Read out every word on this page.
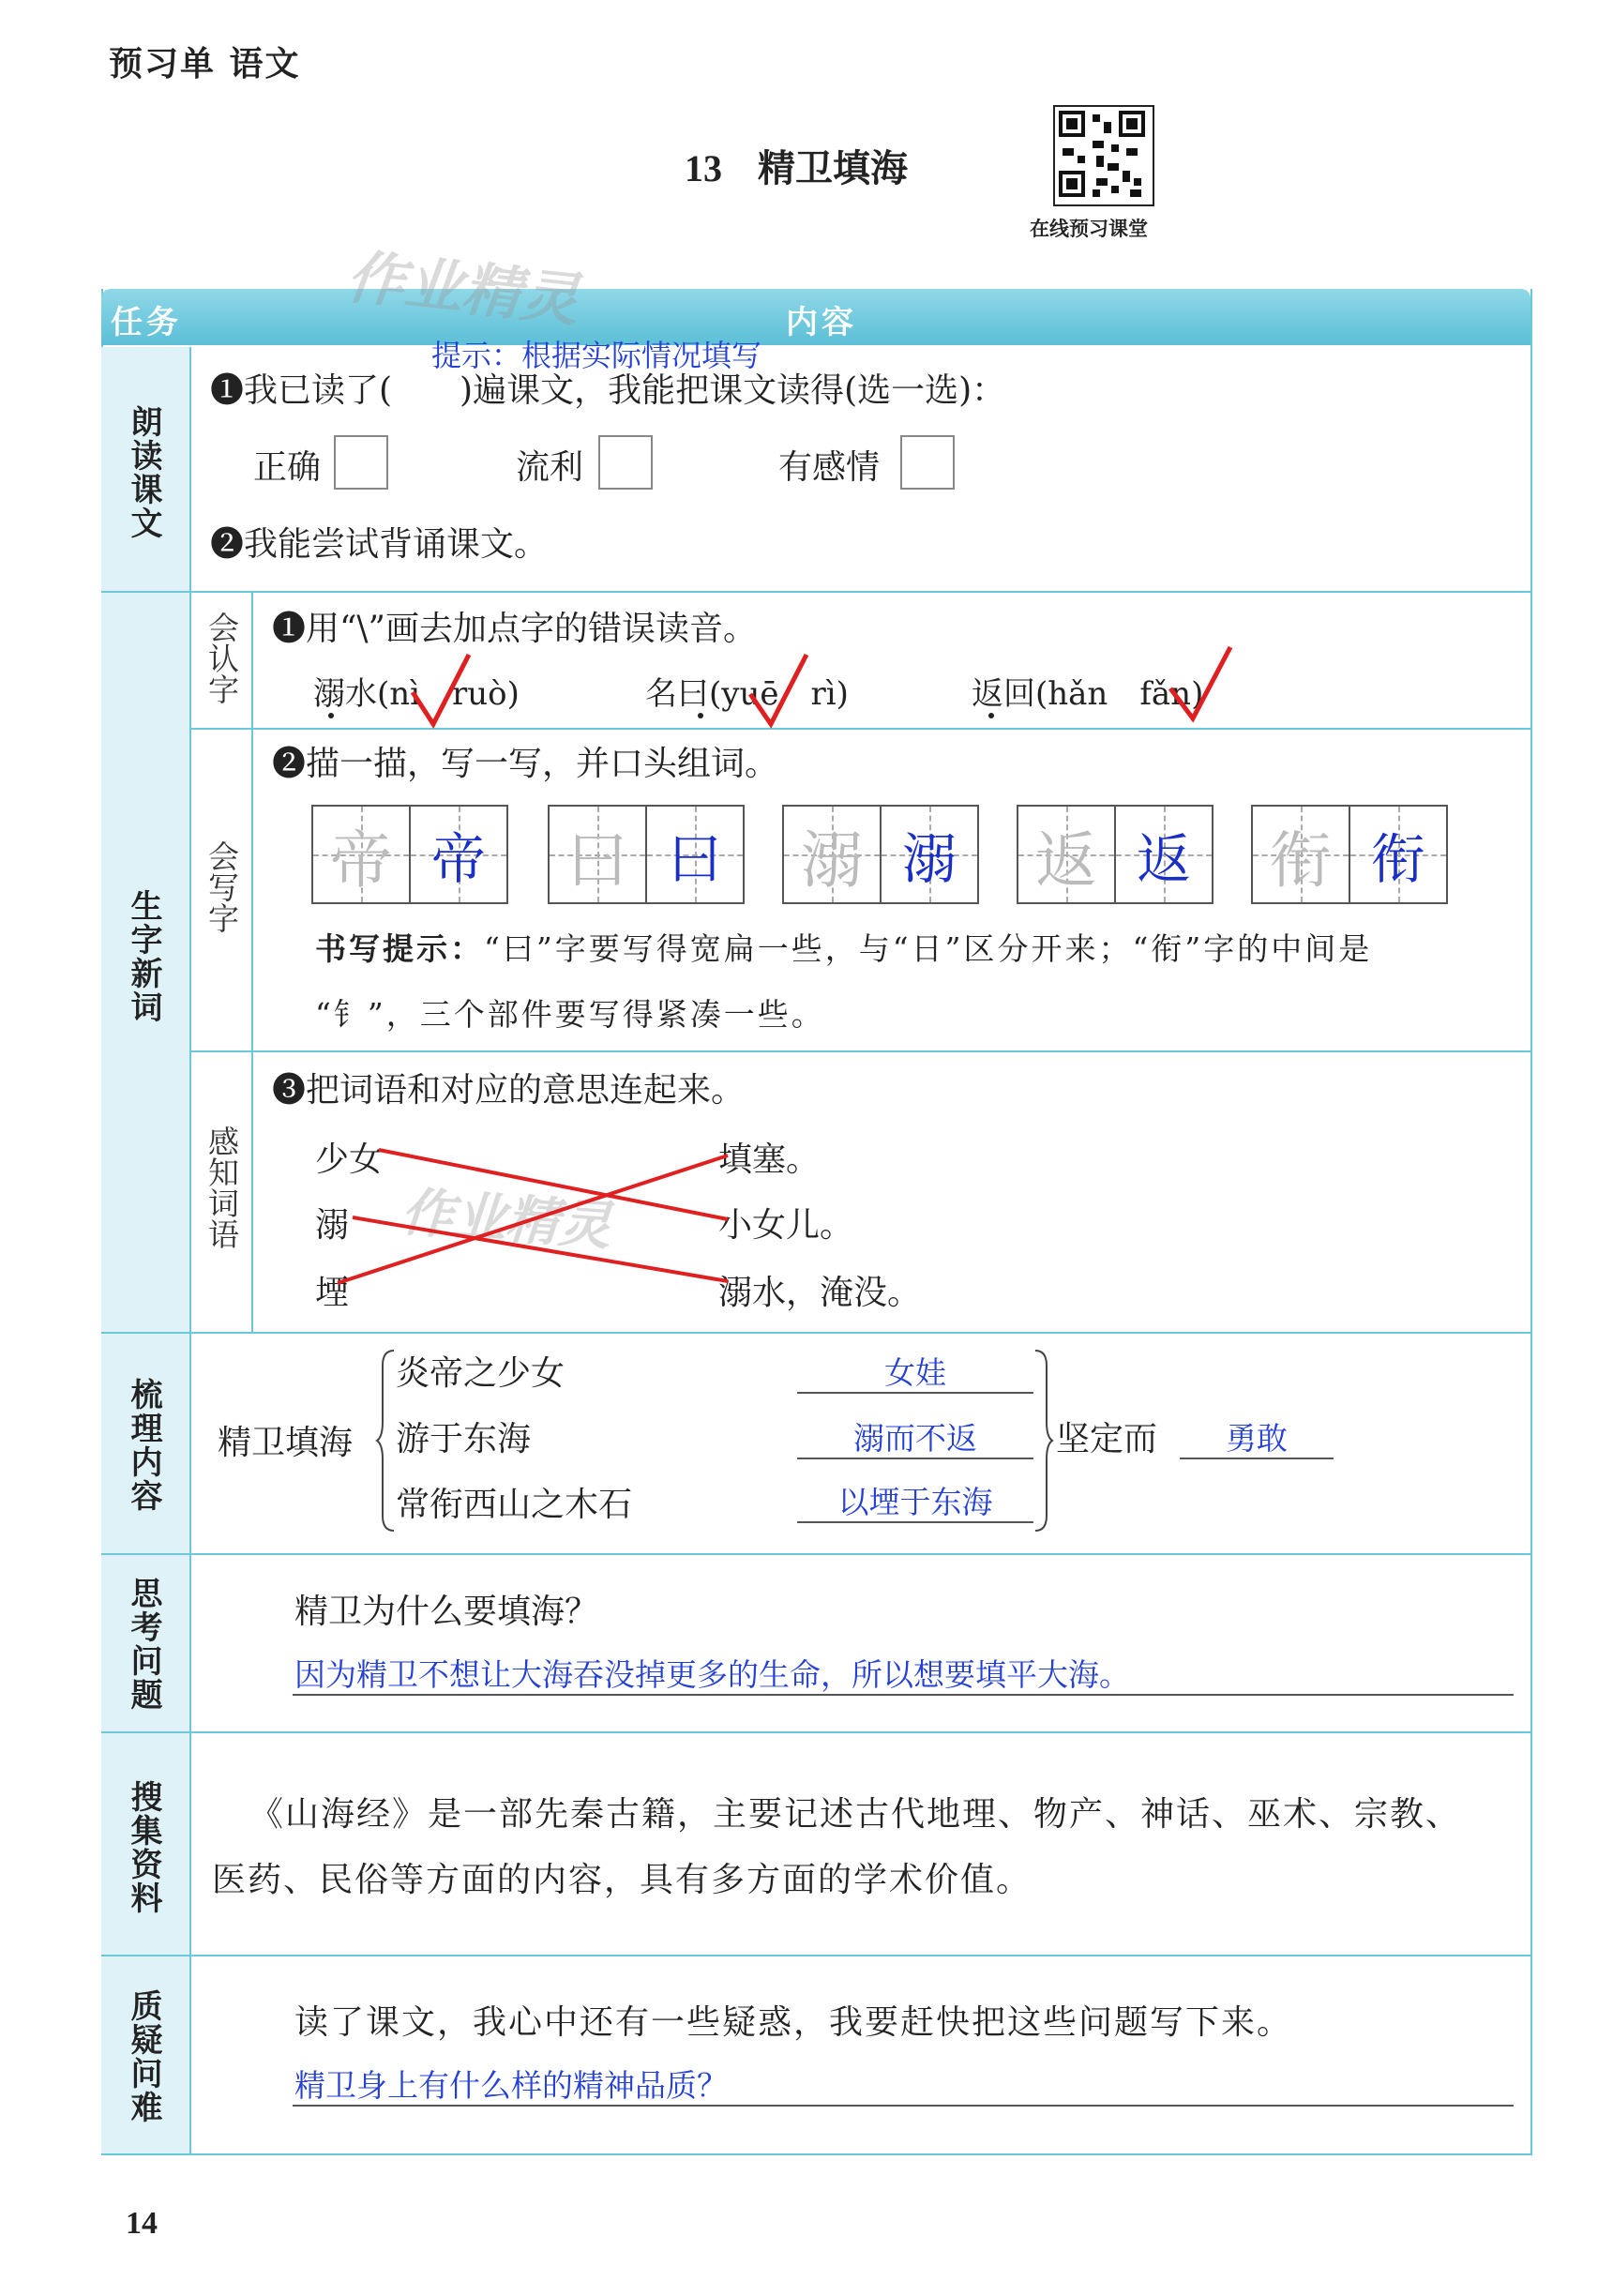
预习单 语文
13 精卫填海
在线预习课堂
任务	内容
作业精灵
提示：根据实际情况填写
朗读课文
❶我已读了(　　)遍课文，我能把课文读得(选一选)：
正确	流利	有感情
❷我能尝试背诵课文。
生字新词
会认字 ❶用“\”画去加点字的错误读音。
溺水(nì　ruò)	名曰(yuē　rì)	返回(hǎn　fǎn)
会写字
❷描一描，写一写，并口头组词。
帝 帝 曰 曰 溺 溺 返 返 衔 衔
书写提示：“曰”字要写得宽扁一些，与“日”区分开来；“衔”字的中间是
“钅”，三个部件要写得紧凑一些。
感知词语
❸把词语和对应的意思连起来。
少女
溺
堙
填塞。
小女儿。
溺水，淹没。
作业精灵
梳理内容 精卫填海
炎帝之少女
游于东海
常衔西山之木石
女娃
溺而不返
以堙于东海
坚定而	勇敢
思考问题	精卫为什么要填海？
因为精卫不想让大海吞没掉更多的生命，所以想要填平大海。
搜集资料	《山海经》是一部先秦古籍，主要记述古代地理、物产、神话、巫术、宗教、
医药、民俗等方面的内容，具有多方面的学术价值。
质疑问难	读了课文，我心中还有一些疑惑，我要赶快把这些问题写下来。
精卫身上有什么样的精神品质？
14
